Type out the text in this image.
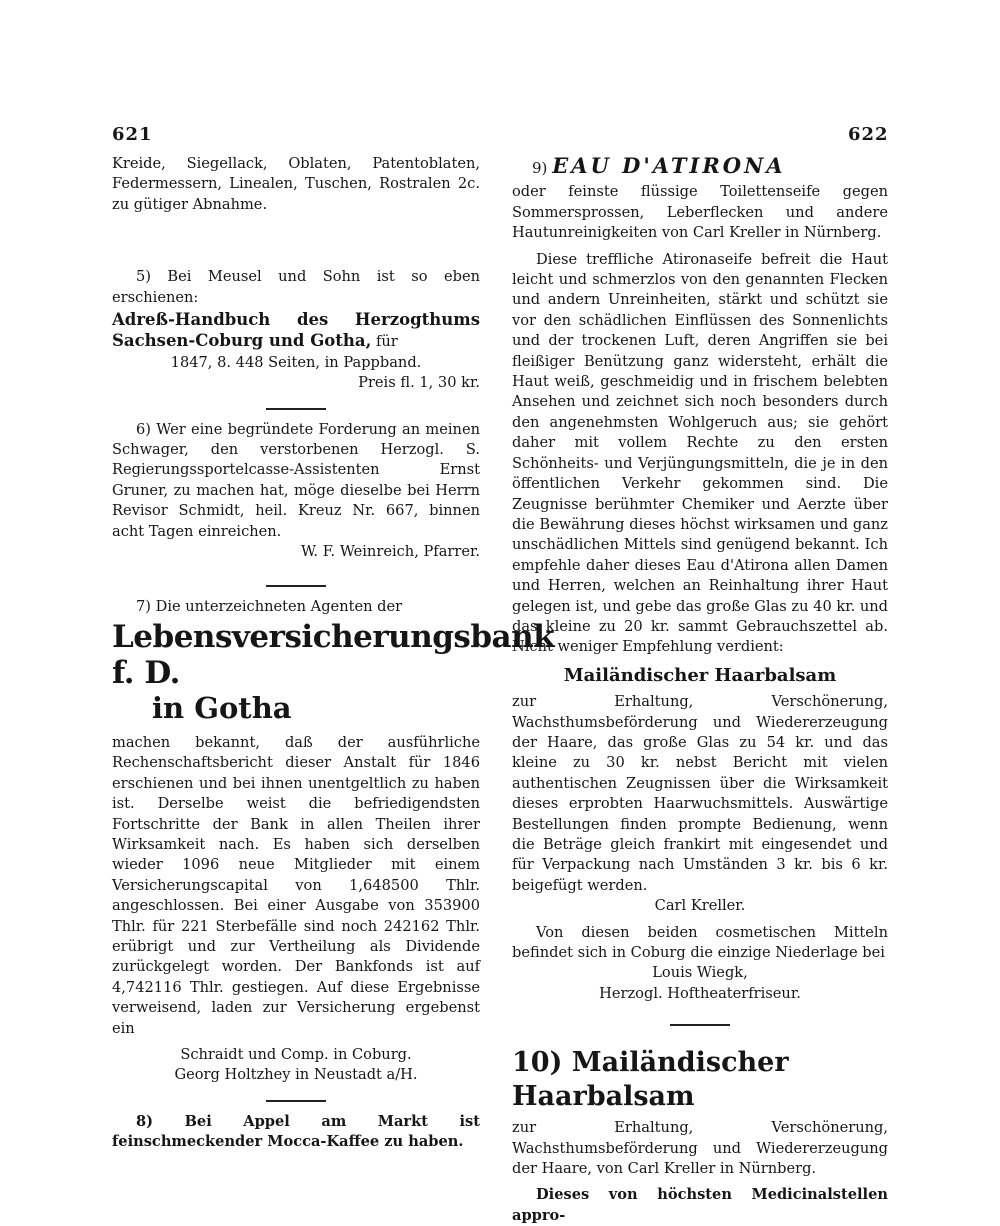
621	622

Kreide, Siegellack, Oblaten, Patentoblaten, Federmessern, Linealen, Tuschen, Rostralen 2c. zu gütiger Abnahme.

5) Bei Meusel und Sohn ist so eben erschienen:

Adreß-Handbuch des Herzogthums Sachsen-Coburg und Gotha, für

1847, 8. 448 Seiten, in Pappband.

Preis fl. 1, 30 kr.

6) Wer eine begründete Forderung an meinen Schwager, den verstorbenen Herzogl. S. Regierungssportelcasse-Assistenten Ernst Gruner, zu machen hat, möge dieselbe bei Herrn Revisor Schmidt, heil. Kreuz Nr. 667, binnen acht Tagen einreichen.

W. F. Weinreich, Pfarrer.

7) Die unterzeichneten Agenten der

Lebensversicherungsbank f. D.
in Gotha

machen bekannt, daß der ausführliche Rechenschaftsbericht dieser Anstalt für 1846 erschienen und bei ihnen unentgeltlich zu haben ist. Derselbe weist die befriedigendsten Fortschritte der Bank in allen Theilen ihrer Wirksamkeit nach. Es haben sich derselben wieder 1096 neue Mitglieder mit einem Versicherungscapital von 1,648500 Thlr. angeschlossen. Bei einer Ausgabe von 353900 Thlr. für 221 Sterbefälle sind noch 242162 Thlr. erübrigt und zur Vertheilung als Dividende zurückgelegt worden. Der Bankfonds ist auf 4,742116 Thlr. gestiegen. Auf diese Ergebnisse verweisend, laden zur Versicherung ergebenst ein

Schraidt und Comp. in Coburg.

Georg Holtzhey in Neustadt a/H.

8) Bei Appel am Markt ist feinschmeckender Mocca-Kaffee zu haben.

9) EAU D'ATIRONA

oder feinste flüssige Toilettenseife gegen Sommersprossen, Leberflecken und andere Hautunreinigkeiten von Carl Kreller in Nürnberg.

Diese treffliche Atironaseife befreit die Haut leicht und schmerzlos von den genannten Flecken und andern Unreinheiten, stärkt und schützt sie vor den schädlichen Einflüssen des Sonnenlichts und der trockenen Luft, deren Angriffen sie bei fleißiger Benützung ganz widersteht, erhält die Haut weiß, geschmeidig und in frischem belebten Ansehen und zeichnet sich noch besonders durch den angenehmsten Wohlgeruch aus; sie gehört daher mit vollem Rechte zu den ersten Schönheits- und Verjüngungsmitteln, die je in den öffentlichen Verkehr gekommen sind. Die Zeugnisse berühmter Chemiker und Aerzte über die Bewährung dieses höchst wirksamen und ganz unschädlichen Mittels sind genügend bekannt. Ich empfehle daher dieses Eau d'Atirona allen Damen und Herren, welchen an Reinhaltung ihrer Haut gelegen ist, und gebe das große Glas zu 40 kr. und das kleine zu 20 kr. sammt Gebrauchszettel ab. Nicht weniger Empfehlung verdient:

Mailändischer Haarbalsam

zur Erhaltung, Verschönerung, Wachsthumsbeförderung und Wiedererzeugung der Haare, das große Glas zu 54 kr. und das kleine zu 30 kr. nebst Bericht mit vielen authentischen Zeugnissen über die Wirksamkeit dieses erprobten Haarwuchsmittels. Auswärtige Bestellungen finden prompte Bedienung, wenn die Beträge gleich frankirt mit eingesendet und für Verpackung nach Umständen 3 kr. bis 6 kr. beigefügt werden.

Carl Kreller.

Von diesen beiden cosmetischen Mitteln befindet sich in Coburg die einzige Niederlage bei

Louis Wiegk,

Herzogl. Hoftheaterfriseur.

10) Mailändischer Haarbalsam

zur Erhaltung, Verschönerung, Wachsthumsbeförderung und Wiedererzeugung der Haare, von Carl Kreller in Nürnberg.

Dieses von höchsten Medicinalstellen appro-
